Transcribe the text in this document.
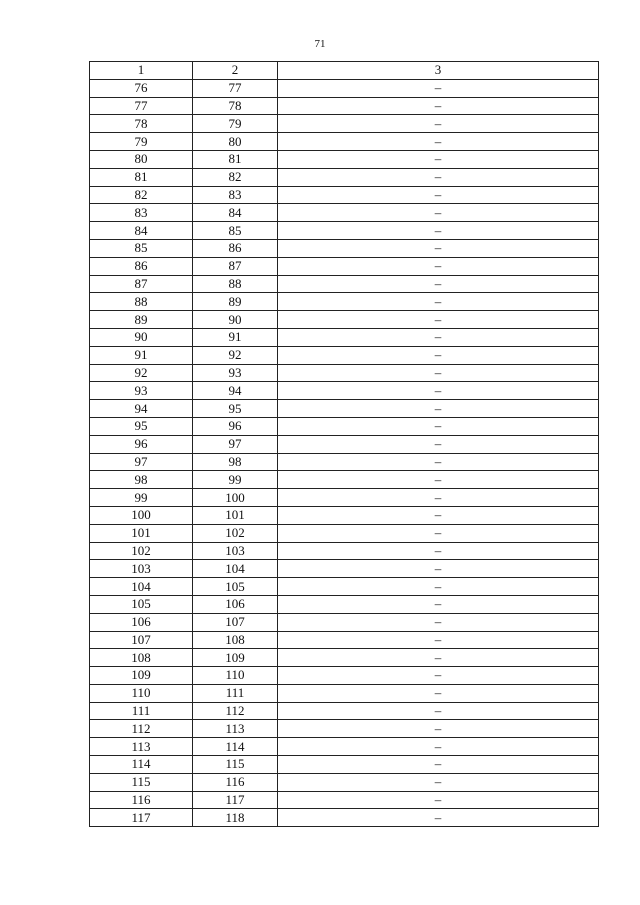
71
1	2	3
76	77	–
77	78	–
78	79	–
79	80	–
80	81	–
81	82	–
82	83	–
83	84	–
84	85	–
85	86	–
86	87	–
87	88	–
88	89	–
89	90	–
90	91	–
91	92	–
92	93	–
93	94	–
94	95	–
95	96	–
96	97	–
97	98	–
98	99	–
99	100	–
100	101	–
101	102	–
102	103	–
103	104	–
104	105	–
105	106	–
106	107	–
107	108	–
108	109	–
109	110	–
110	111	–
111	112	–
112	113	–
113	114	–
114	115	–
115	116	–
116	117	–
117	118	–
